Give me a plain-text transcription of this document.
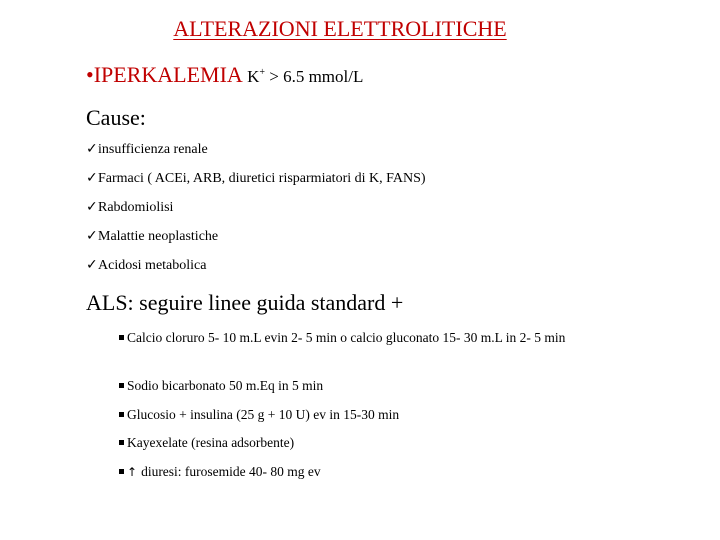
ALTERAZIONI ELETTROLITICHE
•IPERKALEMIA K+ > 6.5 mmol/L
Cause:
✓insufficienza renale
✓Farmaci ( ACEi, ARB, diuretici risparmiatori di K, FANS)
✓Rabdomiolisi
✓Malattie neoplastiche
✓Acidosi metabolica
ALS: seguire linee guida standard +
Calcio cloruro 5- 10 m.L evin 2- 5 min o calcio gluconato 15- 30 m.L in 2- 5 min
Sodio bicarbonato 50 m.Eq in 5 min
Glucosio + insulina (25 g + 10 U) ev in 15-30 min
Kayexelate (resina adsorbente)
↑ diuresi: furosemide 40- 80 mg ev
